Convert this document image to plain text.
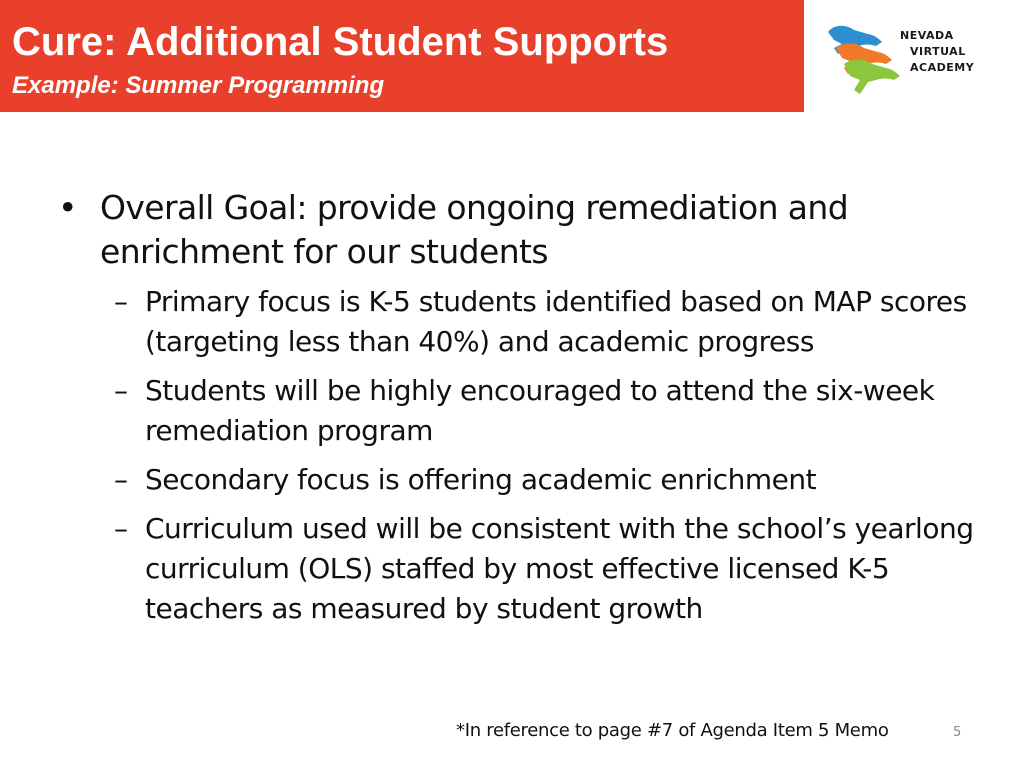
Cure: Additional Student Supports
Example: Summer Programming
NEVADA
VIRTUAL
ACADEMY
• Overall Goal: provide ongoing remediation and enrichment for our students
– Primary focus is K-5 students identified based on MAP scores (targeting less than 40%) and academic progress
– Students will be highly encouraged to attend the six-week remediation program
– Secondary focus is offering academic enrichment
– Curriculum used will be consistent with the school’s yearlong curriculum (OLS) staffed by most effective licensed K-5 teachers as measured by student growth
*In reference to page #7 of Agenda Item 5 Memo	5
